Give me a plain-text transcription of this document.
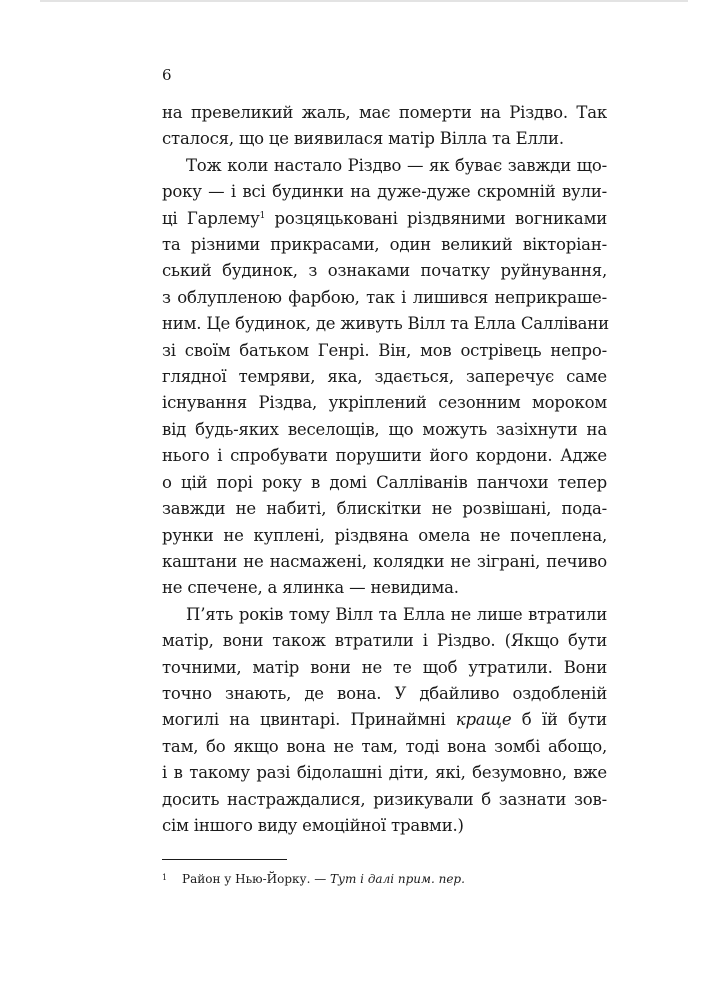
6
на превеликий жаль, має померти на Різдво. Так
сталося, що це виявилася матір Вілла та Елли.
Тож коли настало Різдво — як буває завжди що-
року — і всі будинки на дуже-дуже скромній вули-
ці Гарлему$^1$ розцяцьковані різдвяними вогниками
та різними прикрасами, один великий вікторіан-
ський будинок, з ознаками початку руйнування,
з облупленою фарбою, так і лишився неприкраше-
ним. Це будинок, де живуть Вілл та Елла Саллівани
зі своїм батьком Генрі. Він, мов острівець непро-
глядної темряви, яка, здається, заперечує саме
існування Різдва, укріплений сезонним мороком
від будь-яких веселощів, що можуть зазіхнути на
нього і спробувати порушити його кордони. Адже
о цій порі року в домі Салліванів панчохи тепер
завжди не набиті, блискітки не розвішані, пода-
рунки не куплені, різдвяна омела не почеплена,
каштани не насмажені, колядки не зіграні, печиво
не спечене, а ялинка — невидима.
П’ять років тому Вілл та Елла не лише втратили
матір, вони також втратили і Різдво. (Якщо бути
точними, матір вони не те щоб утратили. Вони
точно знають, де вона. У дбайливо оздобленій
могилі на цвинтарі. Принаймні краще б їй бути
там, бо якщо вона не там, тоді вона зомбі абощо,
і в такому разі бідолашні діти, які, безумовно, вже
досить настраждалися, ризикували б зазнати зов-
сім іншого виду емоційної травми.)
1 Район у Нью-Йорку. — Тут і далі прим. пер.
